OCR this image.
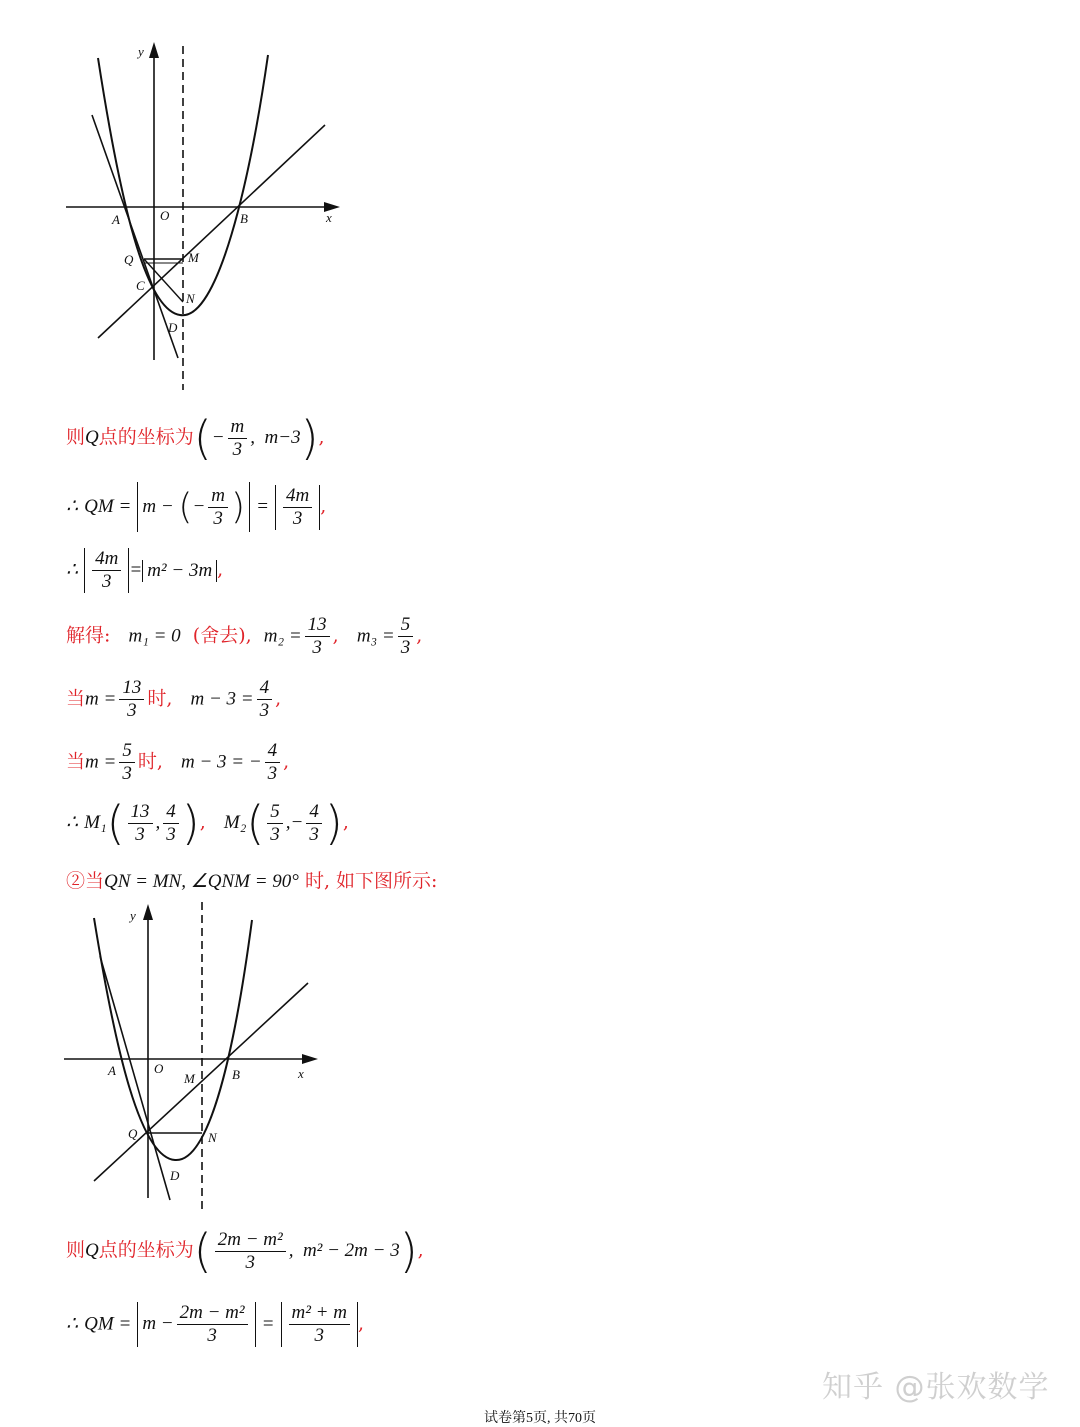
y
x
A	O	B
Q	M
C
N
D
则Q点的坐标为(− $\frac{m}{3}$ ,  m−3),
∴ QM = m − (− $\frac{m}{3}$ ) = $\frac{4m}{3}$ ,
∴ $\frac{4m}{3} = m^2 - 3m$ ,
解得: m₁ = 0 (舍去), $m_2 = \frac{13}{3}$ ,   $m_3 = \frac{5}{3}$ ,
当$m = \frac{13}{3}$ 时, $m - 3 = \frac{4}{3}$ ,
当$m = \frac{5}{3}$ 时, m − 3 = − $\frac{4}{3}$ ,
∴ $M_1( \frac{13}{3}$ , $\frac{4}{3}$ ),   $M_2( \frac{5}{3}$ ,− $\frac{4}{3}$ ),
②当QN = MN, ∠QNM = 90° 时, 如下图所示:
y
x
A	O	B
M
Q	N
D
则Q点的坐标为( $\frac{\text{2m − m²}}{3}$ ,  m² − 2m − 3),
∴ QM = $m - \frac{\text{2m − m²}}{3} = \frac{\text{m² + m}}{3}$ ,
知乎 @张欢数学
试卷第5页, 共70页
